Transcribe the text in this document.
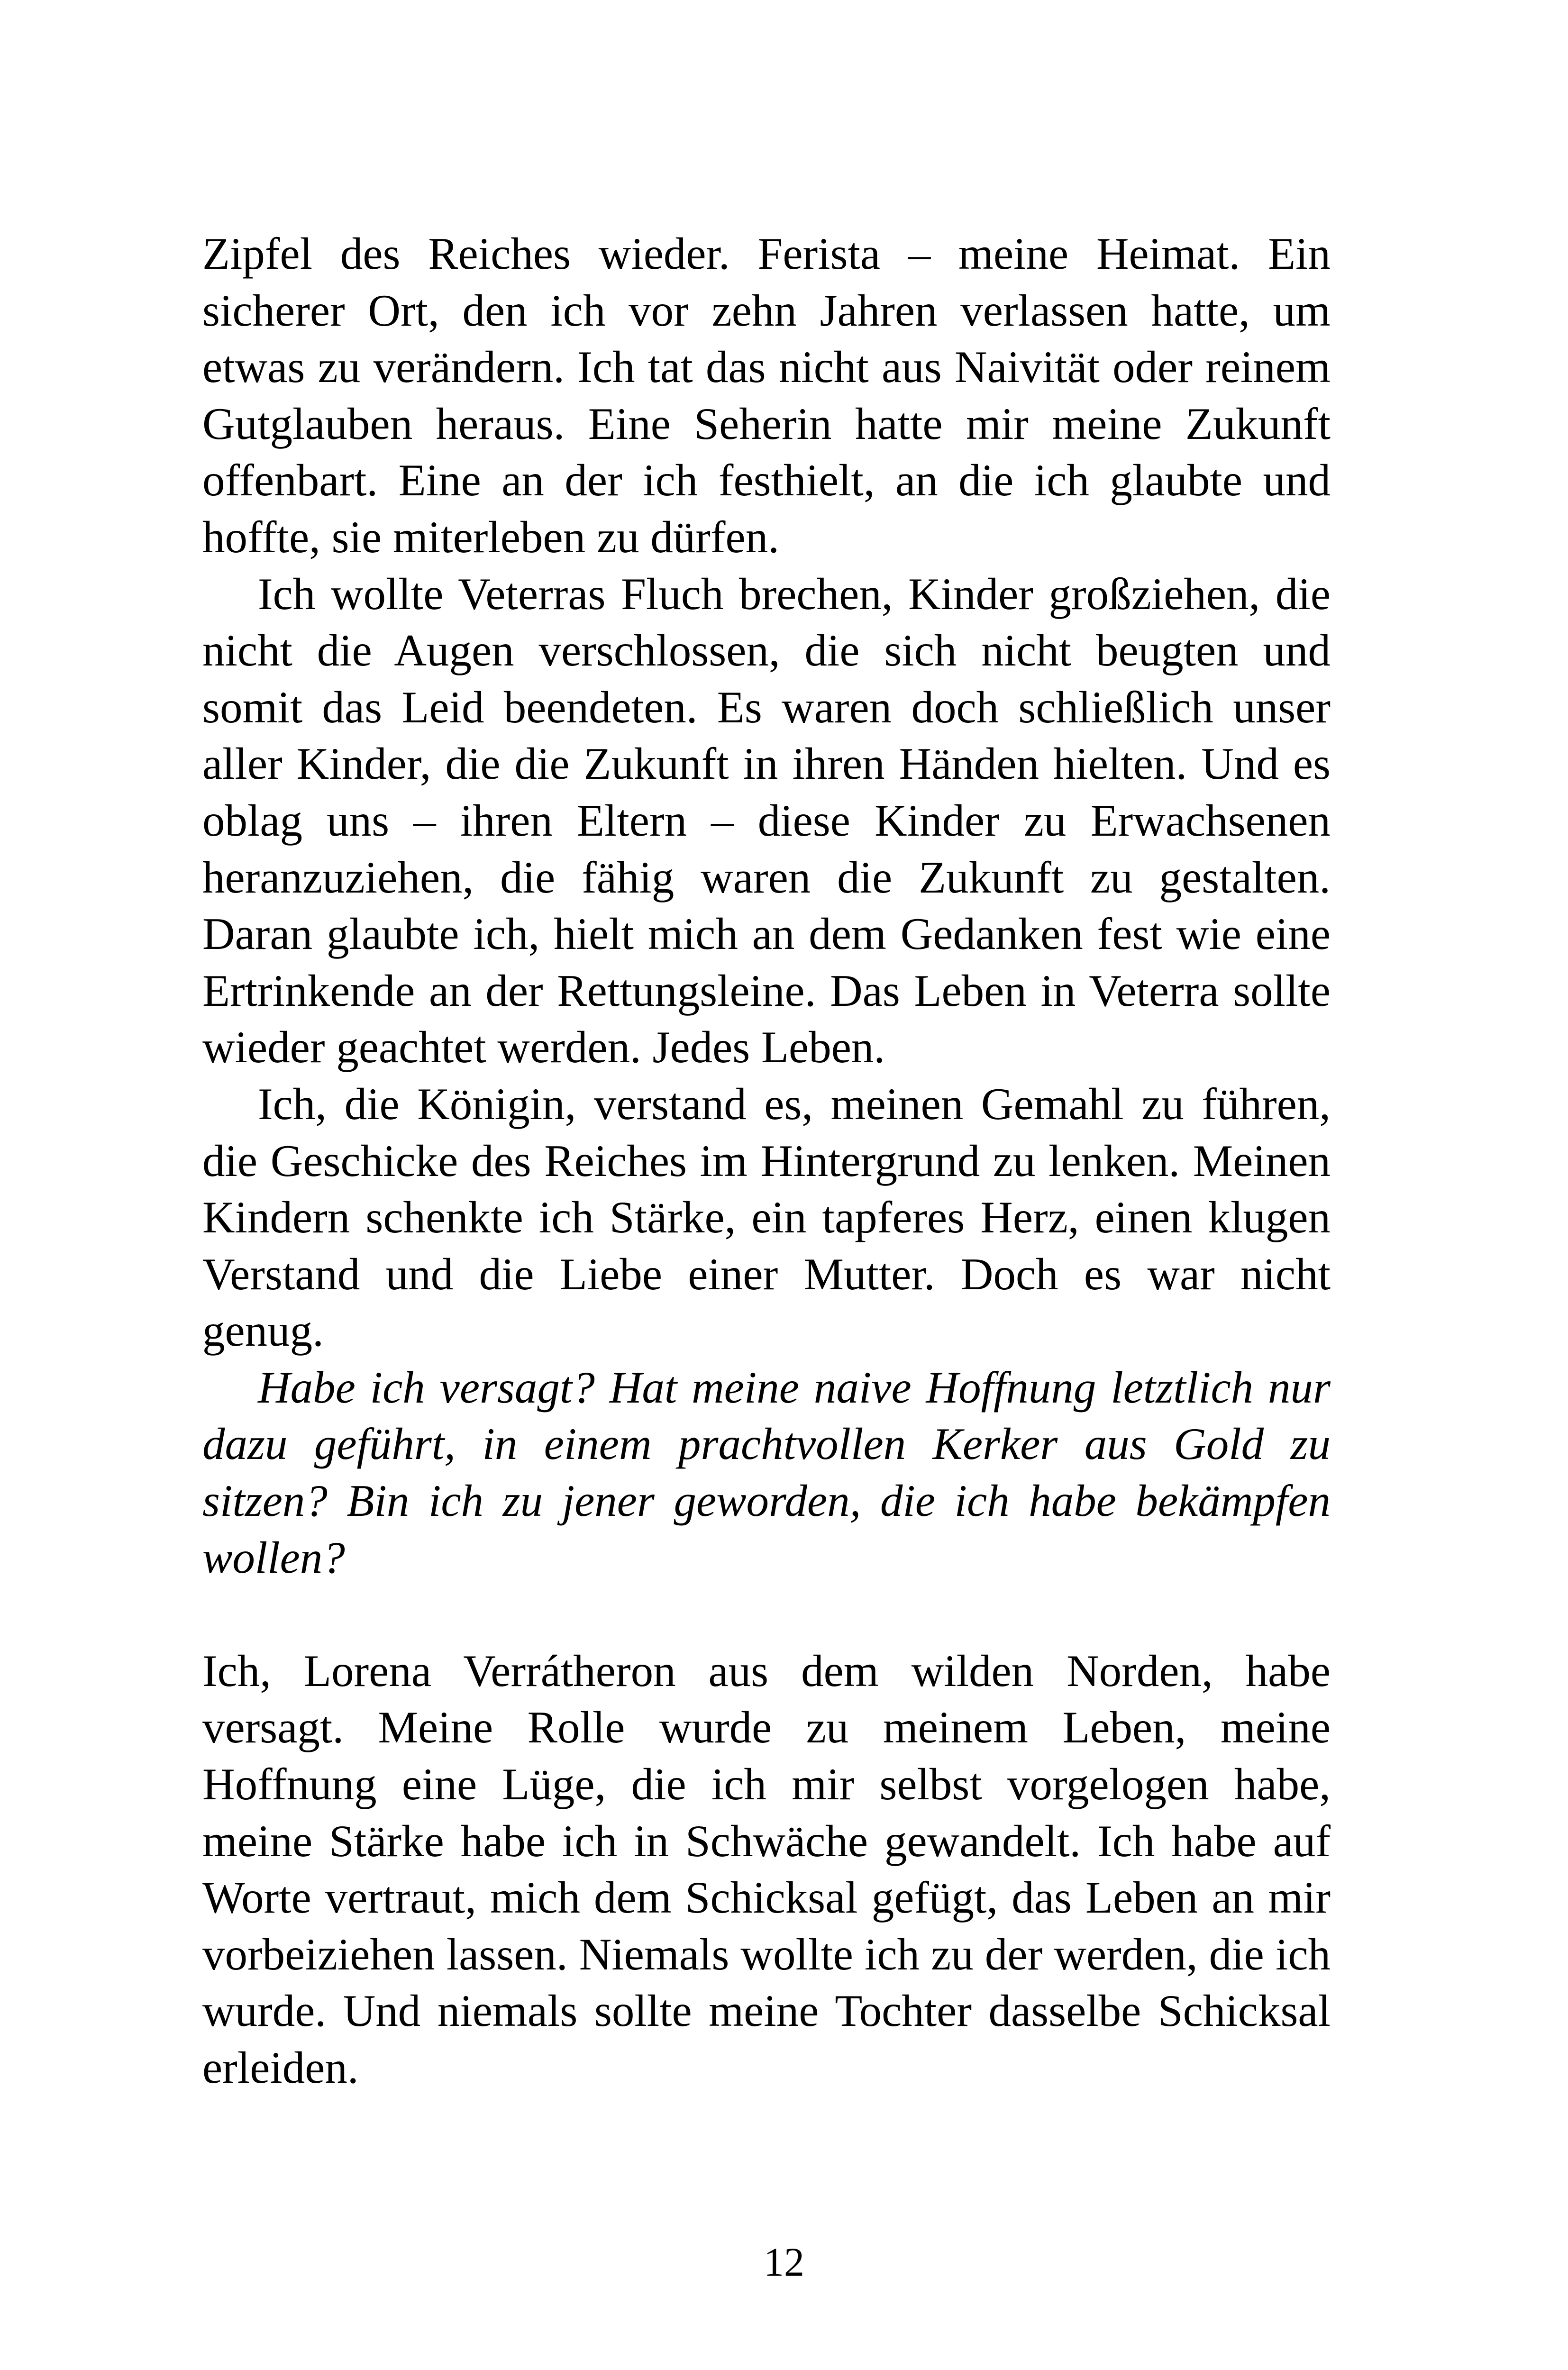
Zipfel des Reiches wieder. Ferista – meine Heimat. Ein sicherer Ort, den ich vor zehn Jahren verlassen hatte, um etwas zu verändern. Ich tat das nicht aus Naivität oder reinem Gutglauben heraus. Eine Seherin hatte mir meine Zukunft offenbart. Eine an der ich festhielt, an die ich glaubte und hoffte, sie miterleben zu dürfen.

Ich wollte Veterras Fluch brechen, Kinder großziehen, die nicht die Augen verschlossen, die sich nicht beugten und somit das Leid beendeten. Es waren doch schließlich unser aller Kinder, die die Zukunft in ihren Händen hielten. Und es oblag uns – ihren Eltern – diese Kinder zu Erwachsenen heranzuziehen, die fähig waren die Zukunft zu gestalten. Daran glaubte ich, hielt mich an dem Gedanken fest wie eine Ertrinkende an der Rettungsleine. Das Leben in Veterra sollte wieder geachtet werden. Jedes Leben.

Ich, die Königin, verstand es, meinen Gemahl zu führen, die Geschicke des Reiches im Hintergrund zu lenken. Meinen Kindern schenkte ich Stärke, ein tapferes Herz, einen klugen Verstand und die Liebe einer Mutter. Doch es war nicht genug.

Habe ich versagt? Hat meine naive Hoffnung letztlich nur dazu geführt, in einem prachtvollen Kerker aus Gold zu sitzen? Bin ich zu jener geworden, die ich habe bekämpfen wollen?

Ich, Lorena Verrátheron aus dem wilden Norden, habe versagt. Meine Rolle wurde zu meinem Leben, meine Hoffnung eine Lüge, die ich mir selbst vorgelogen habe, meine Stärke habe ich in Schwäche gewandelt. Ich habe auf Worte vertraut, mich dem Schicksal gefügt, das Leben an mir vorbeiziehen lassen. Niemals wollte ich zu der werden, die ich wurde. Und niemals sollte meine Tochter dasselbe Schicksal erleiden.

12
